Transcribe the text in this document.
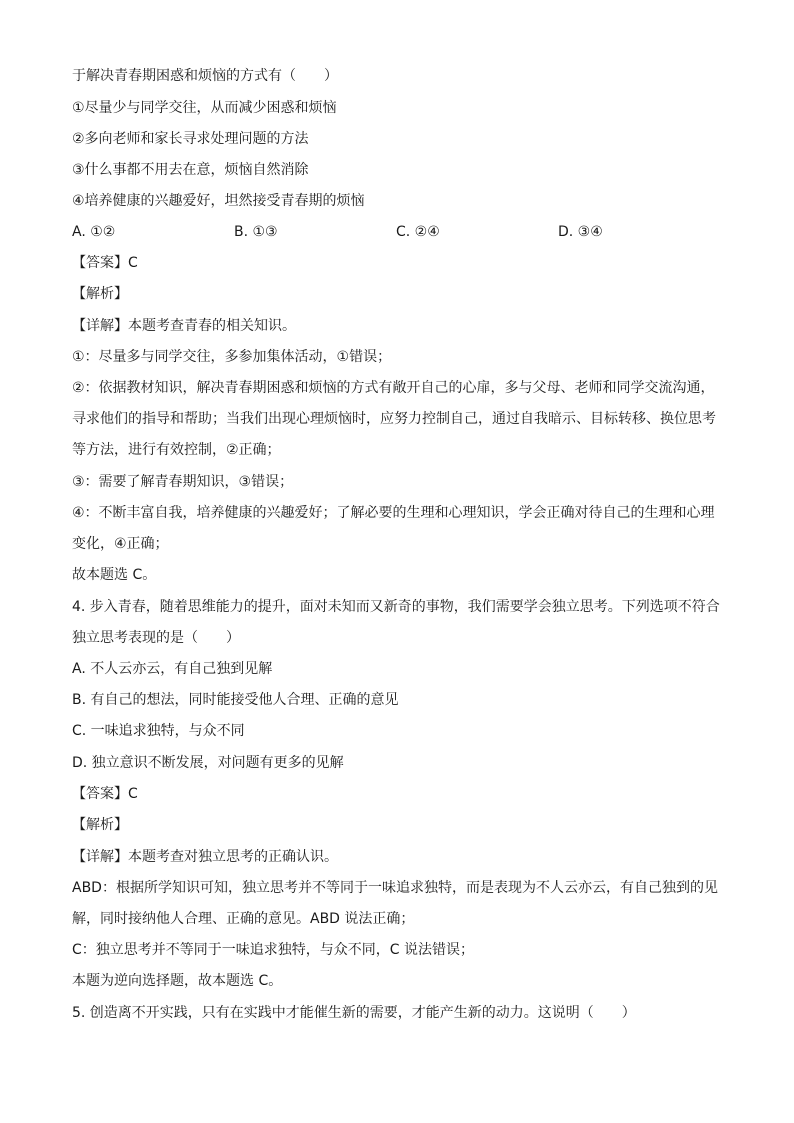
于解决青春期困惑和烦恼的方式有（　　）
①尽量少与同学交往，从而减少困惑和烦恼
②多向老师和家长寻求处理问题的方法
③什么事都不用去在意，烦恼自然消除
④培养健康的兴趣爱好，坦然接受青春期的烦恼
A. ①②	B. ①③	C. ②④	D. ③④
【答案】C
【解析】
【详解】本题考查青春的相关知识。
①：尽量多与同学交往，多参加集体活动，①错误；
②：依据教材知识，解决青春期困惑和烦恼的方式有敞开自己的心扉，多与父母、老师和同学交流沟通，
寻求他们的指导和帮助；当我们出现心理烦恼时，应努力控制自己，通过自我暗示、目标转移、换位思考
等方法，进行有效控制，②正确；
③：需要了解青春期知识，③错误；
④：不断丰富自我，培养健康的兴趣爱好；了解必要的生理和心理知识，学会正确对待自己的生理和心理
变化，④正确；
故本题选 C。
4. 步入青春，随着思维能力的提升，面对未知而又新奇的事物，我们需要学会独立思考。下列选项不符合
独立思考表现的是（　　）
A. 不人云亦云，有自己独到见解
B. 有自己的想法，同时能接受他人合理、正确的意见
C. 一味追求独特，与众不同
D. 独立意识不断发展，对问题有更多的见解
【答案】C
【解析】
【详解】本题考查对独立思考的正确认识。
ABD：根据所学知识可知，独立思考并不等同于一味追求独特，而是表现为不人云亦云，有自己独到的见
解，同时接纳他人合理、正确的意见。ABD 说法正确；
C：独立思考并不等同于一味追求独特，与众不同，C 说法错误；
本题为逆向选择题，故本题选 C。
5. 创造离不开实践，只有在实践中才能催生新的需要，才能产生新的动力。这说明（　　）
